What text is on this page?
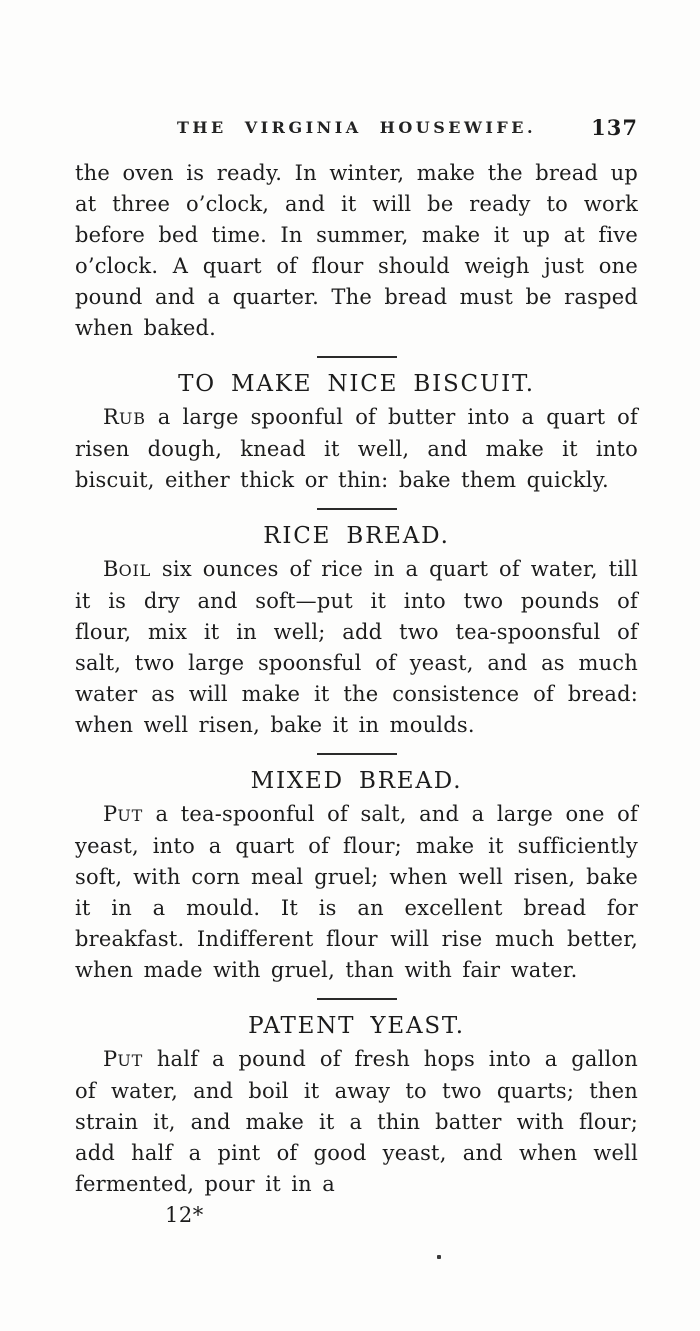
THE VIRGINIA HOUSEWIFE.	137

the oven is ready. In winter, make the bread up at three o’clock, and it will be ready to work before bed time. In summer, make it up at five o’clock. A quart of flour should weigh just one pound and a quarter. The bread must be rasped when baked.

TO MAKE NICE BISCUIT.

RUB a large spoonful of butter into a quart of risen dough, knead it well, and make it into biscuit, either thick or thin: bake them quickly.

RICE BREAD.

BOIL six ounces of rice in a quart of water, till it is dry and soft—put it into two pounds of flour, mix it in well; add two tea-spoonsful of salt, two large spoonsful of yeast, and as much water as will make it the consistence of bread: when well risen, bake it in moulds.

MIXED BREAD.

PUT a tea-spoonful of salt, and a large one of yeast, into a quart of flour; make it sufficiently soft, with corn meal gruel; when well risen, bake it in a mould. It is an excellent bread for breakfast. Indifferent flour will rise much better, when made with gruel, than with fair water.

PATENT YEAST.

PUT half a pound of fresh hops into a gallon of water, and boil it away to two quarts; then strain it, and make it a thin batter with flour; add half a pint of good yeast, and when well fermented, pour it in a

12*
